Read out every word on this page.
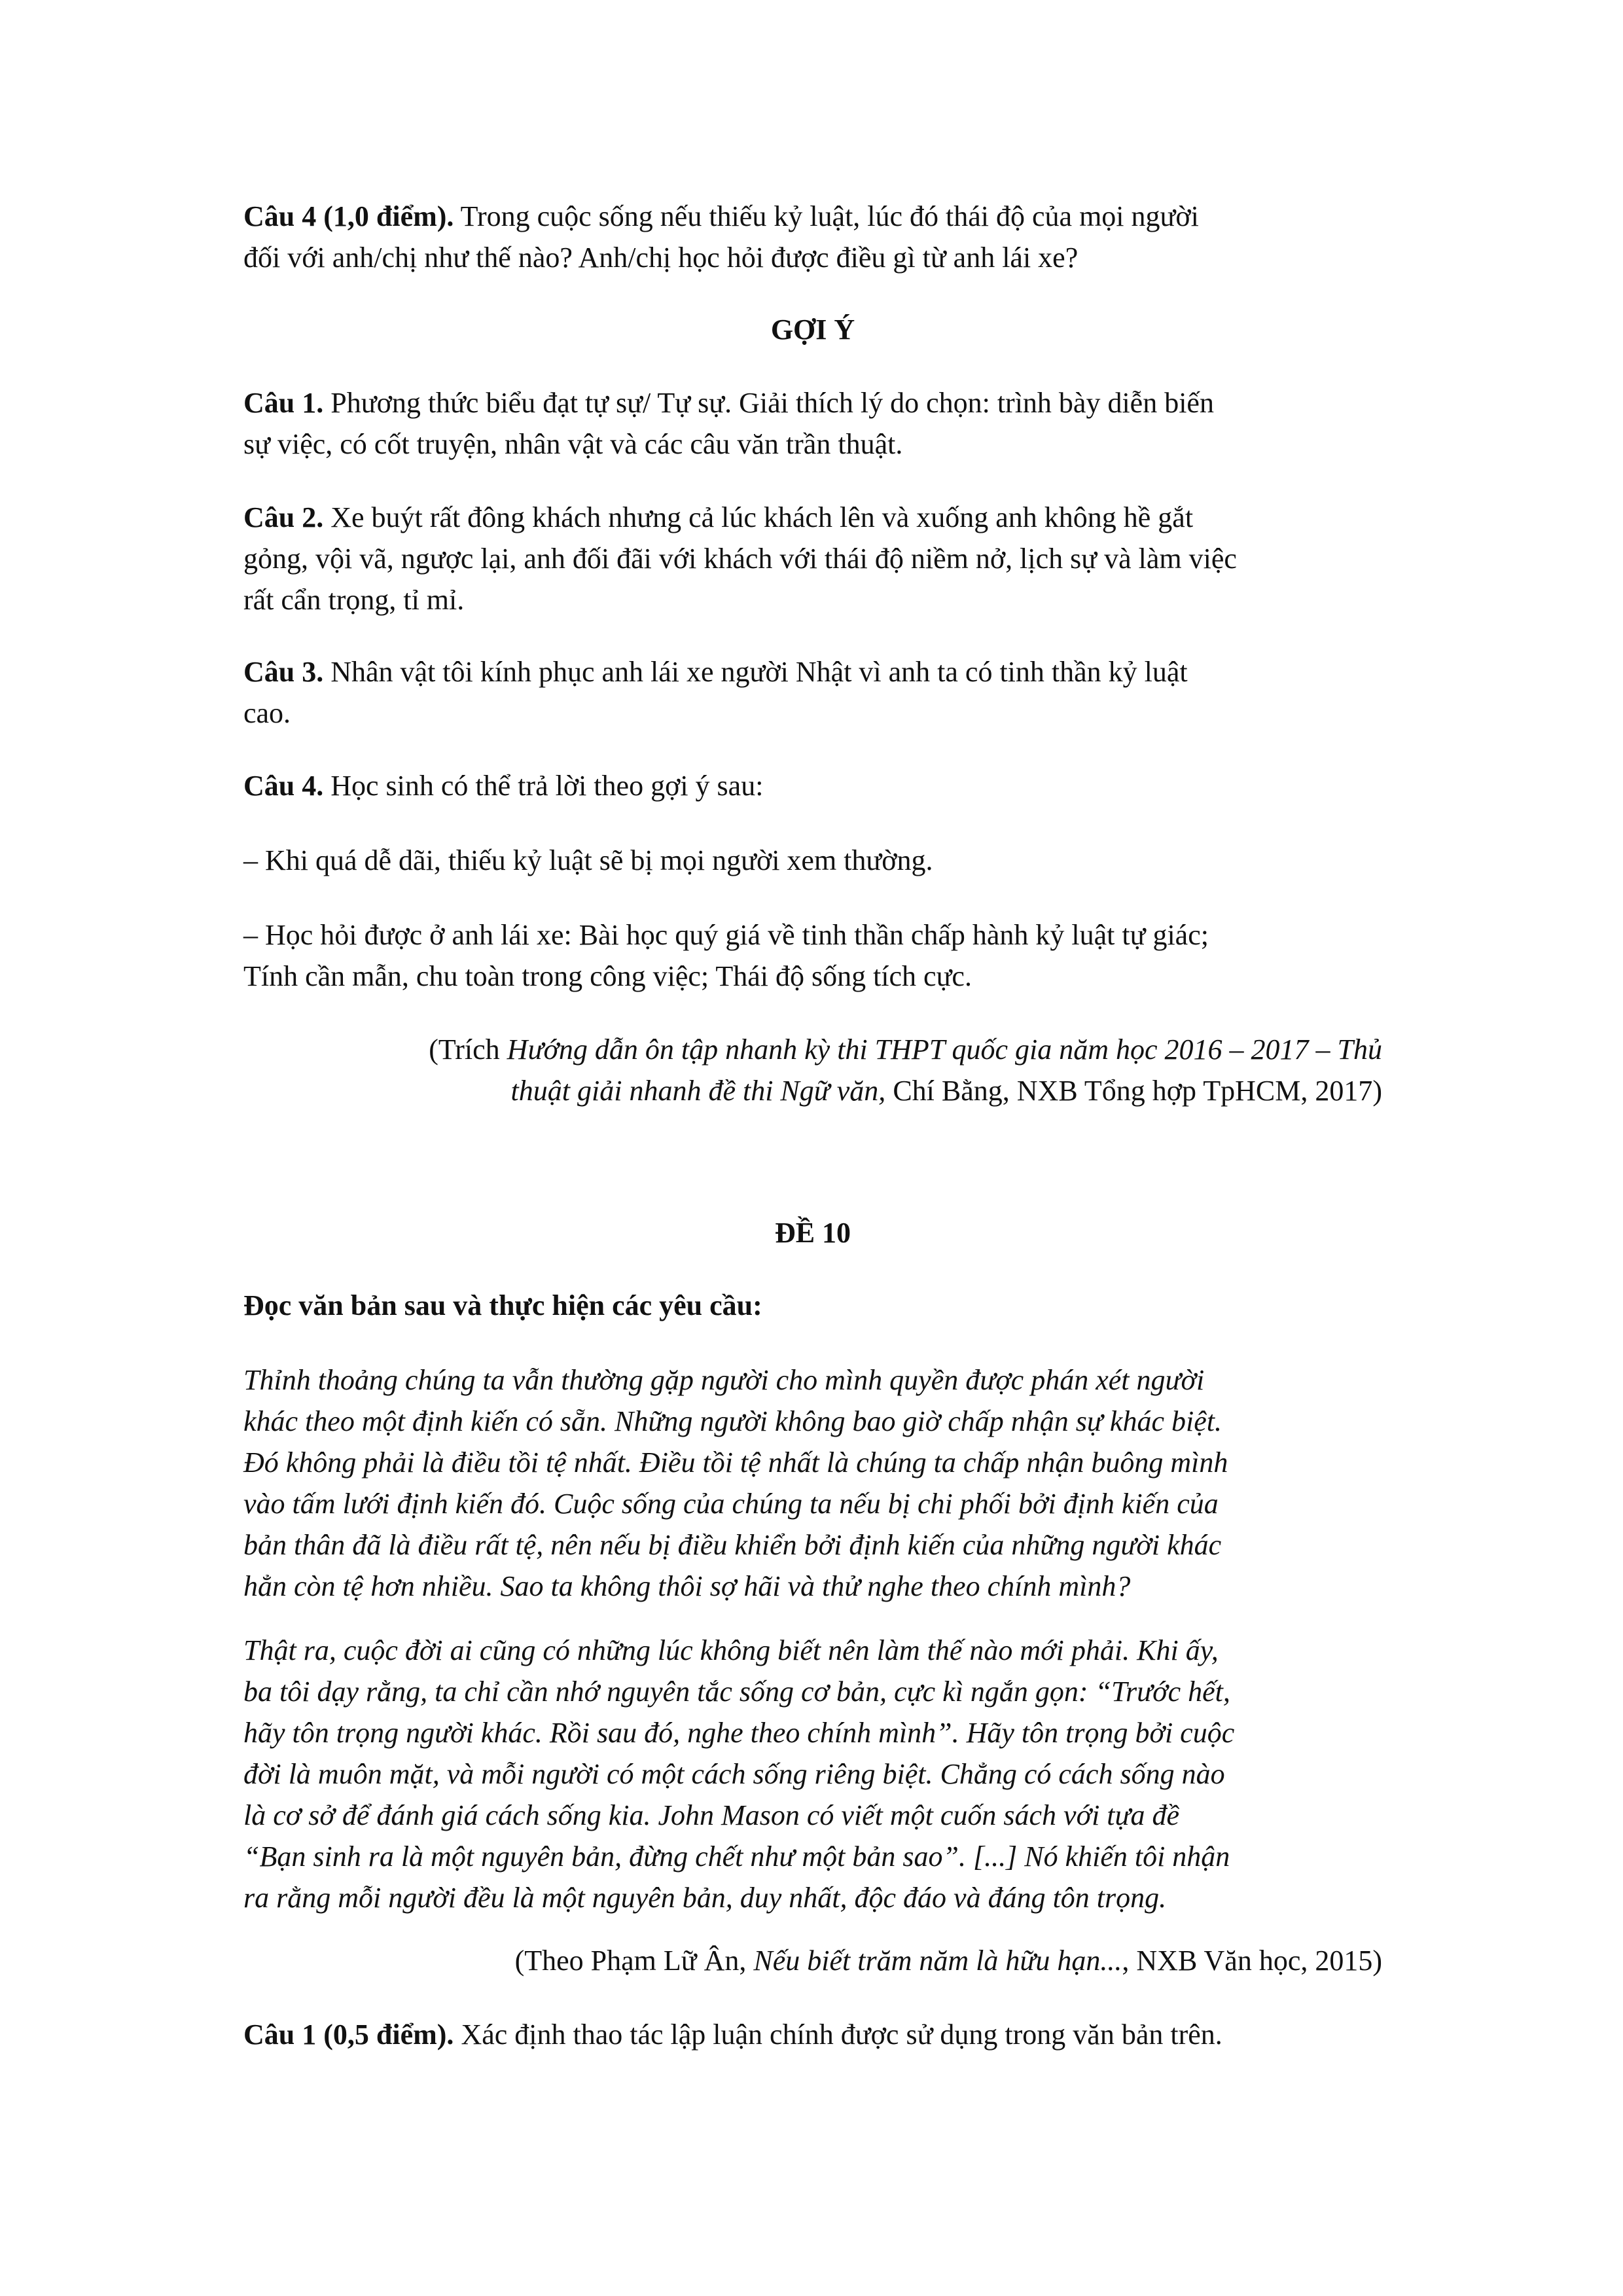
Câu 4 (1,0 điểm). Trong cuộc sống nếu thiếu kỷ luật, lúc đó thái độ của mọi người
đối với anh/chị như thế nào? Anh/chị học hỏi được điều gì từ anh lái xe?

GỢI Ý

Câu 1. Phương thức biểu đạt tự sự/ Tự sự. Giải thích lý do chọn: trình bày diễn biến
sự việc, có cốt truyện, nhân vật và các câu văn trần thuật.

Câu 2. Xe buýt rất đông khách nhưng cả lúc khách lên và xuống anh không hề gắt
gỏng, vội vã, ngược lại, anh đối đãi với khách với thái độ niềm nở, lịch sự và làm việc
rất cẩn trọng, tỉ mỉ.

Câu 3. Nhân vật tôi kính phục anh lái xe người Nhật vì anh ta có tinh thần kỷ luật
cao.

Câu 4. Học sinh có thể trả lời theo gợi ý sau:

– Khi quá dễ dãi, thiếu kỷ luật sẽ bị mọi người xem thường.

– Học hỏi được ở anh lái xe: Bài học quý giá về tinh thần chấp hành kỷ luật tự giác;
Tính cần mẫn, chu toàn trong công việc; Thái độ sống tích cực.

(Trích Hướng dẫn ôn tập nhanh kỳ thi THPT quốc gia năm học 2016 – 2017 – Thủ
thuật giải nhanh đề thi Ngữ văn, Chí Bằng, NXB Tổng hợp TpHCM, 2017)

ĐỀ 10

Đọc văn bản sau và thực hiện các yêu cầu:

Thỉnh thoảng chúng ta vẫn thường gặp người cho mình quyền được phán xét người
khác theo một định kiến có sẵn. Những người không bao giờ chấp nhận sự khác biệt.
Đó không phải là điều tồi tệ nhất. Điều tồi tệ nhất là chúng ta chấp nhận buông mình
vào tấm lưới định kiến đó. Cuộc sống của chúng ta nếu bị chi phối bởi định kiến của
bản thân đã là điều rất tệ, nên nếu bị điều khiển bởi định kiến của những người khác
hẳn còn tệ hơn nhiều. Sao ta không thôi sợ hãi và thử nghe theo chính mình?

Thật ra, cuộc đời ai cũng có những lúc không biết nên làm thế nào mới phải. Khi ấy,
ba tôi dạy rằng, ta chỉ cần nhớ nguyên tắc sống cơ bản, cực kì ngắn gọn: “Trước hết,
hãy tôn trọng người khác. Rồi sau đó, nghe theo chính mình”. Hãy tôn trọng bởi cuộc
đời là muôn mặt, và mỗi người có một cách sống riêng biệt. Chẳng có cách sống nào
là cơ sở để đánh giá cách sống kia. John Mason có viết một cuốn sách với tựa đề
“Bạn sinh ra là một nguyên bản, đừng chết như một bản sao”. [...] Nó khiến tôi nhận
ra rằng mỗi người đều là một nguyên bản, duy nhất, độc đáo và đáng tôn trọng.

(Theo Phạm Lữ Ân, Nếu biết trăm năm là hữu hạn..., NXB Văn học, 2015)

Câu 1 (0,5 điểm). Xác định thao tác lập luận chính được sử dụng trong văn bản trên.
